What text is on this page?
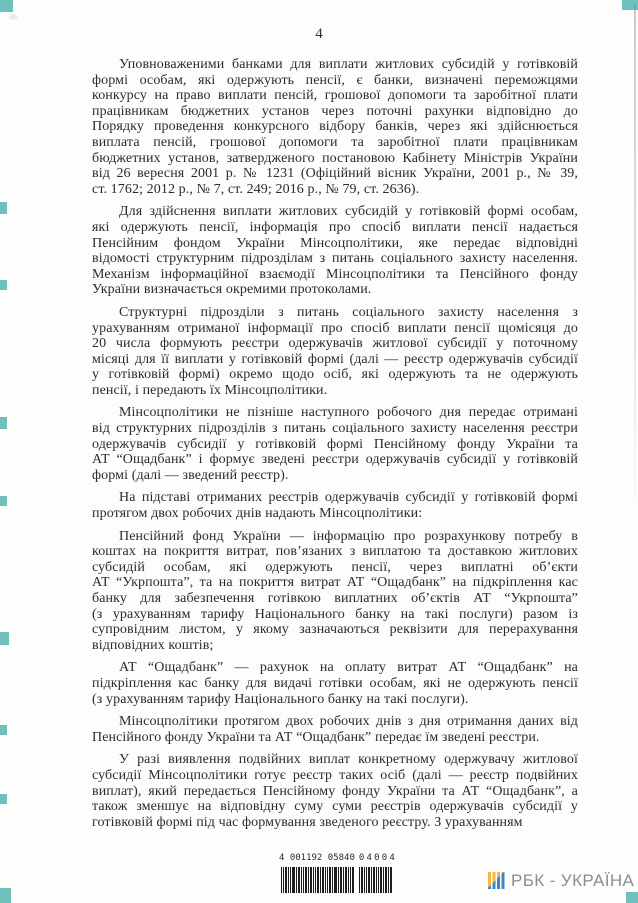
4
Уповноваженими банками для виплати житлових субсидій у готівковій
формі особам, які одержують пенсії, є банки, визначені переможцями
конкурсу на право виплати пенсій, грошової допомоги та заробітної плати
працівникам бюджетних установ через поточні рахунки відповідно до
Порядку проведення конкурсного відбору банків, через які здійснюється
виплата пенсій, грошової допомоги та заробітної плати працівникам
бюджетних установ, затвердженого постановою Кабінету Міністрів України
від 26 вересня 2001 р. № 1231 (Офіційний вісник України, 2001 р., № 39,
ст. 1762; 2012 р., № 7, ст. 249; 2016 р., № 79, ст. 2636).
Для здійснення виплати житлових субсидій у готівковій формі особам,
які одержують пенсії, інформація про спосіб виплати пенсії надається
Пенсійним фондом України Мінсоцполітики, яке передає відповідні
відомості структурним підрозділам з питань соціального захисту населення.
Механізм інформаційної взаємодії Мінсоцполітики та Пенсійного фонду
України визначається окремими протоколами.
Структурні підрозділи з питань соціального захисту населення з
урахуванням отриманої інформації про спосіб виплати пенсії щомісяця до
20 числа формують реєстри одержувачів житлової субсидії у поточному
місяці для її виплати у готівковій формі (далі — реєстр одержувачів субсидії
у готівковій формі) окремо щодо осіб, які одержують та не одержують
пенсії, і передають їх Мінсоцполітики.
Мінсоцполітики не пізніше наступного робочого дня передає отримані
від структурних підрозділів з питань соціального захисту населення реєстри
одержувачів субсидії у готівковій формі Пенсійному фонду України та
АТ “Ощадбанк” і формує зведені реєстри одержувачів субсидії у готівковій
формі (далі — зведений реєстр).
На підставі отриманих реєстрів одержувачів субсидії у готівковій формі
протягом двох робочих днів надають Мінсоцполітики:
Пенсійний фонд України — інформацію про розрахункову потребу в
коштах на покриття витрат, пов’язаних з виплатою та доставкою житлових
субсидій особам, які одержують пенсії, через виплатні об’єкти
АТ “Укрпошта”, та на покриття витрат АТ “Ощадбанк” на підкріплення кас
банку для забезпечення готівкою виплатних об’єктів АТ “Укрпошта”
(з урахуванням тарифу Національного банку на такі послуги) разом із
супровідним листом, у якому зазначаються реквізити для перерахування
відповідних коштів;
АТ “Ощадбанк” — рахунок на оплату витрат АТ “Ощадбанк” на
підкріплення кас банку для видачі готівки особам, які не одержують пенсії
(з урахуванням тарифу Національного банку на такі послуги).
Мінсоцполітики протягом двох робочих днів з дня отримання даних від
Пенсійного фонду України та АТ “Ощадбанк” передає їм зведені реєстри.
У разі виявлення подвійних виплат конкретному одержувачу житлової
субсидії Мінсоцполітики готує реєстр таких осіб (далі — реєстр подвійних
виплат), який передається Пенсійному фонду України та АТ “Ощадбанк”, а
також зменшує на відповідну суму суми реєстрів одержувачів субсидії у
готівковій формі під час формування зведеного реєстру. З урахуванням
4 001192 05840 04004
РБК - УКРАЇНА
